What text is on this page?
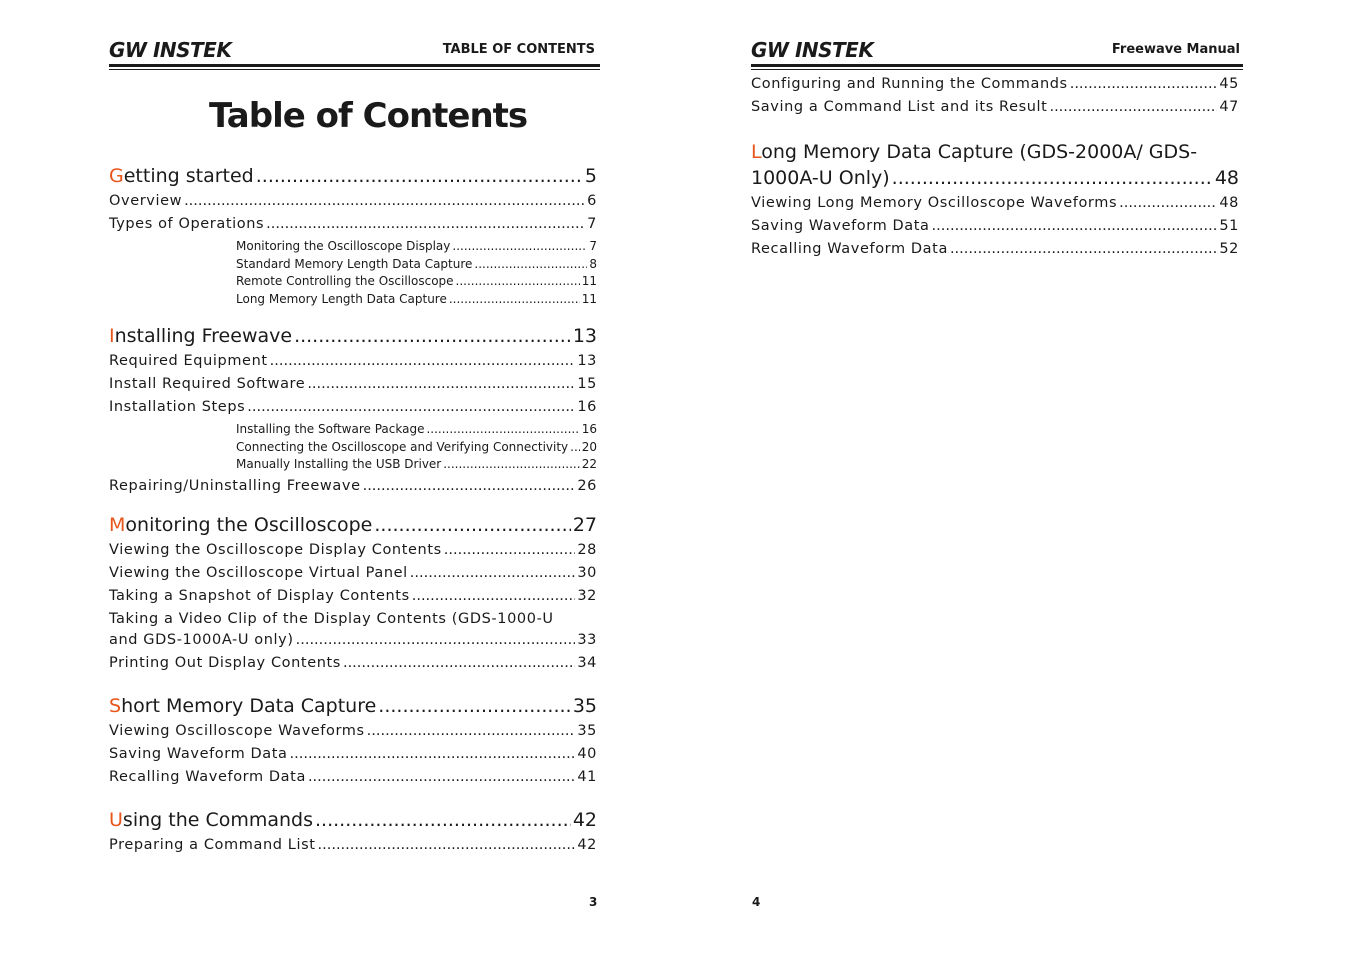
GW INSTEK	TABLE OF CONTENTS
Table of Contents
Getting started .....	5
Overview .....	6
Types of Operations .....	7
Monitoring the Oscilloscope Display .....	7
Standard Memory Length Data Capture .....	8
Remote Controlling the Oscilloscope .....	11
Long Memory Length Data Capture .....	11
Installing Freewave .....	13
Required Equipment .....	13
Install Required Software .....	15
Installation Steps .....	16
Installing the Software Package .....	16
Connecting the Oscilloscope and Verifying Connectivity ..... 20
Manually Installing the USB Driver .....	22
Repairing/Uninstalling Freewave .....	26
Monitoring the Oscilloscope .....	27
Viewing the Oscilloscope Display Contents .....	28
Viewing the Oscilloscope Virtual Panel .....	30
Taking a Snapshot of Display Contents .....	32
Taking a Video Clip of the Display Contents (GDS-1000-U
and GDS-1000A-U only) .....	33
Printing Out Display Contents .....	34
Short Memory Data Capture .....	35
Viewing Oscilloscope Waveforms .....	35
Saving Waveform Data .....	40
Recalling Waveform Data .....	41
Using the Commands .....	42
Preparing a Command List .....	42
3
GW INSTEK	Freewave Manual
Configuring and Running the Commands .....	45
Saving a Command List and its Result .....	47
Long Memory Data Capture (GDS-2000A/ GDS-
1000A-U Only) .....	48
Viewing Long Memory Oscilloscope Waveforms .....	48
Saving Waveform Data .....	51
Recalling Waveform Data .....	52
4
